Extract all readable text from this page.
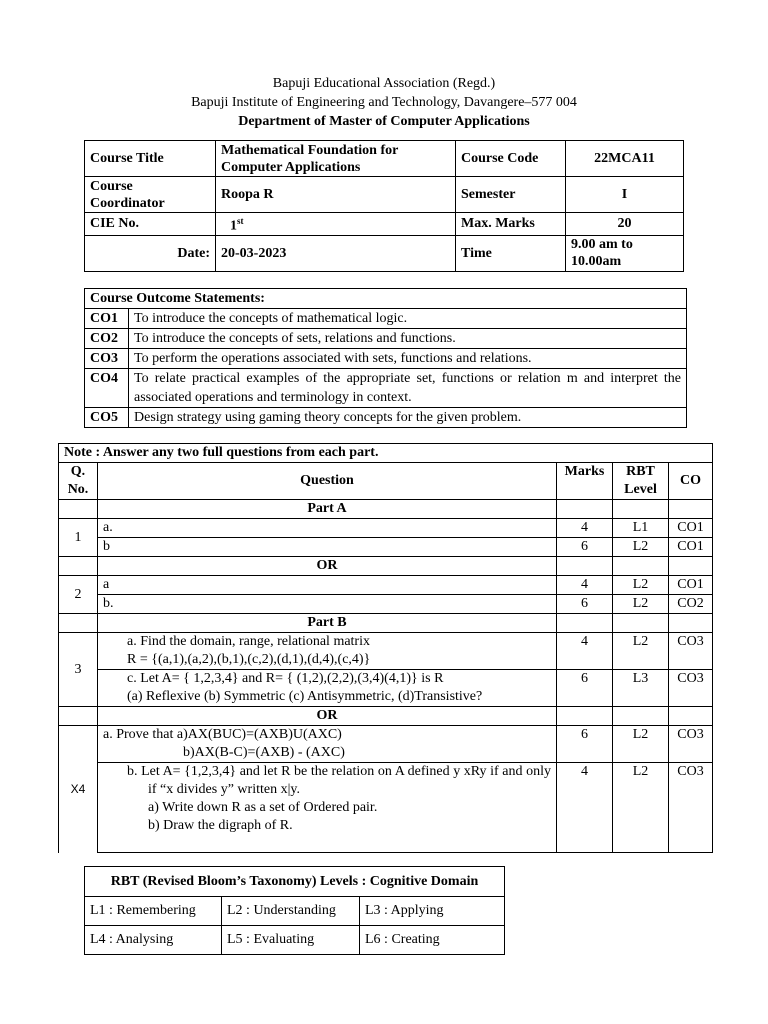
Bapuji Educational Association (Regd.)
Bapuji Institute of Engineering and Technology, Davangere–577 004
Department of Master of Computer Applications
Course Title	Mathematical Foundation for Computer Applications	Course Code	22MCA11
Course Coordinator	Roopa R	Semester	I
CIE No.	1st	Max. Marks	20
Date:	20-03-2023	Time	9.00 am to 10.00am
Course Outcome Statements:	
CO1	To introduce the concepts of mathematical logic.
CO2	To introduce the concepts of sets, relations and functions.
CO3	To perform the operations associated with sets, functions and relations.
CO4	To relate practical examples of the appropriate set, functions or relation m and interpret the associated operations and terminology in context.
CO5	Design strategy using gaming theory concepts for the given problem.
Note : Answer any two full questions from each part.				
Q. No.	Question	Marks	RBT Level	CO
	Part A			
1	a.	4	L1	CO1
	b	6	L2	CO1
	OR			
2	a	4	L2	CO1
	b.	6	L2	CO2
	Part B			
3	a. Find the domain, range, relational matrix
R = {(a,1),(a,2),(b,1),(c,2),(d,1),(d,4),(c,4)}	4	L2	CO3

	c. Let A= { 1,2,3,4} and R= { (1,2),(2,2),(3,4)(4,1)} is R
(a) Reflexive (b) Symmetric (c) Antisymmetric, (d)Transistive?	6	L3	CO3
	OR			
X4	a. Prove that a)AX(BUC)=(AXB)U(AXC)
b)AX(B-C)=(AXB) - (AXC)	6	L2	CO3

	b. Let A= {1,2,3,4} and let R be the relation on A defined y xRy if and only if “x divides y” written x|y.
a) Write down R as a set of Ordered pair.
b) Draw the digraph of R.	4	L2	CO3
RBT (Revised Bloom’s Taxonomy) Levels : Cognitive Domain		
L1 : Remembering	L2 : Understanding	L3 : Applying
L4 : Analysing	L5 : Evaluating	L6 : Creating
